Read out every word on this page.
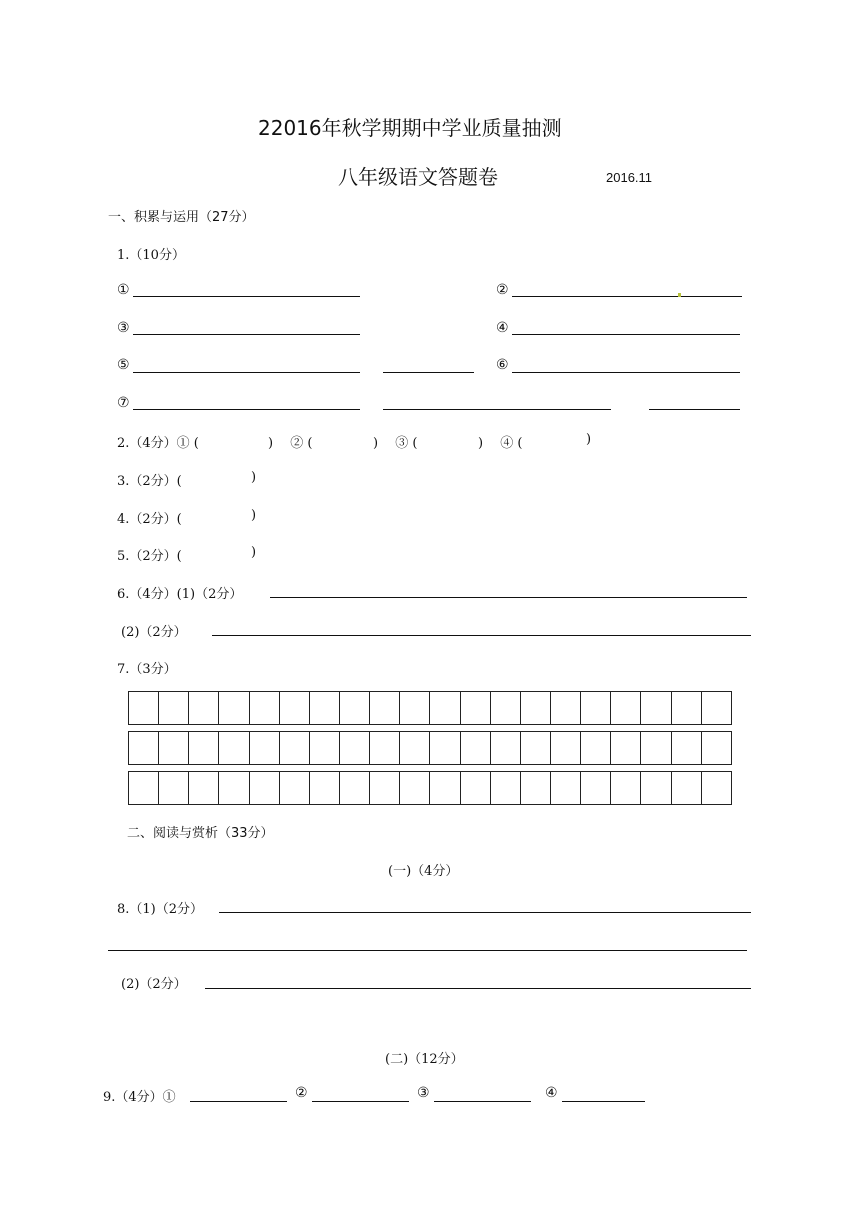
22016年秋学期期中学业质量抽测
八年级语文答题卷	2016.11
一、积累与运用（27分）
1.（10分）
①	②
③	④
⑤	⑥
⑦
2.（4分）① (	)　 ② (	)　 ③ (	)　 ④ (	)
3.（2分）(	)
4.（2分）(	)
5.（2分）(	)
6.（4分）(1)（2分）
(2)（2分）
7.（3分）

二、阅读与赏析（33分）
(一)（4分）
8.（1)（2分）
(2)（2分）
(二)（12分）
9.（4分）①	②	③	④
